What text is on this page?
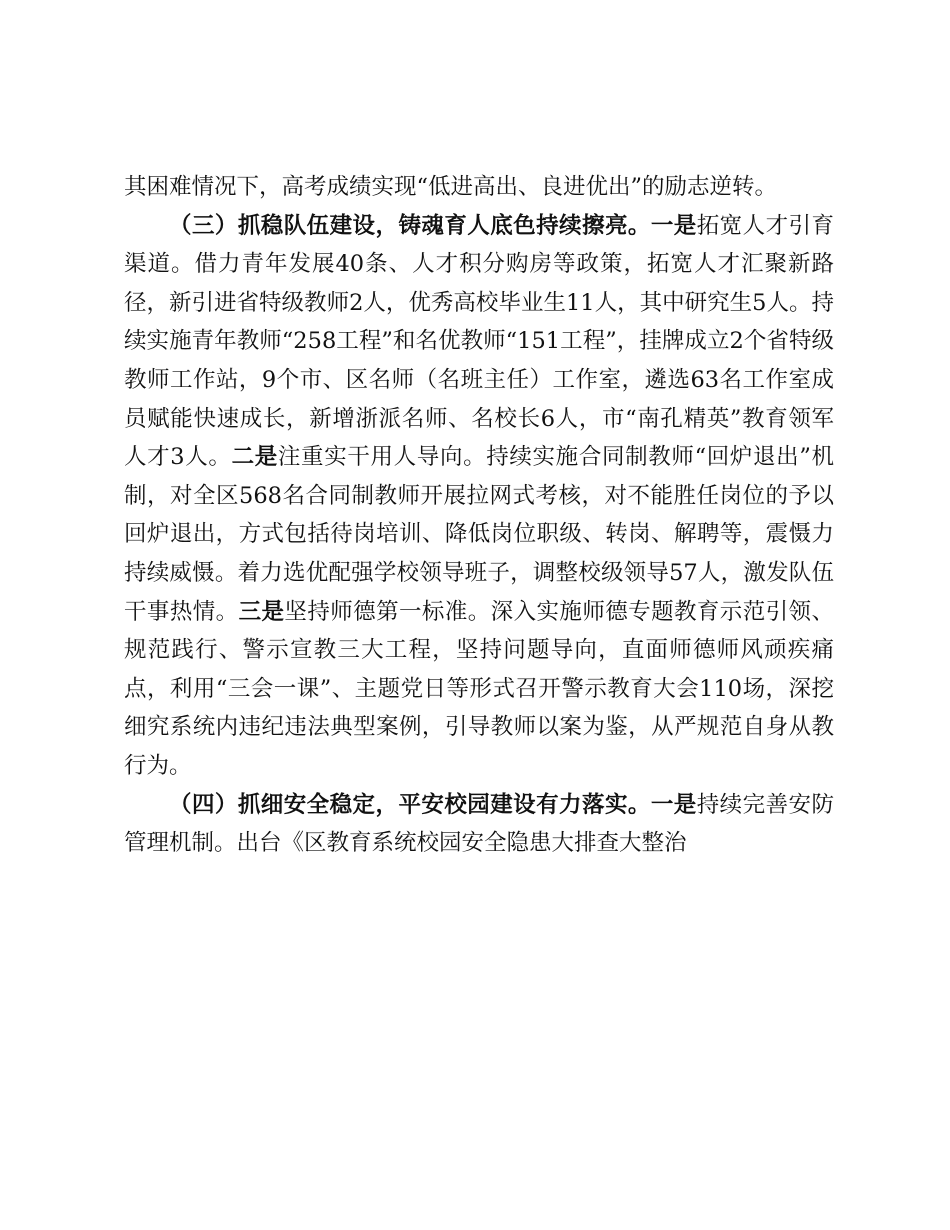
其困难情况下，高考成绩实现“低进高出、良进优出”的励志逆转。

（三）抓稳队伍建设，铸魂育人底色持续擦亮。一是拓宽人才引育渠道。借力青年发展40条、人才积分购房等政策，拓宽人才汇聚新路径，新引进省特级教师2人，优秀高校毕业生11人，其中研究生5人。持续实施青年教师“258工程”和名优教师“151工程”，挂牌成立2个省特级教师工作站，9个市、区名师（名班主任）工作室，遴选63名工作室成员赋能快速成长，新增浙派名师、名校长6人，市“南孔精英”教育领军人才3人。二是注重实干用人导向。持续实施合同制教师“回炉退出”机制，对全区568名合同制教师开展拉网式考核，对不能胜任岗位的予以回炉退出，方式包括待岗培训、降低岗位职级、转岗、解聘等，震慑力持续威慑。着力选优配强学校领导班子，调整校级领导57人，激发队伍干事热情。三是坚持师德第一标准。深入实施师德专题教育示范引领、规范践行、警示宣教三大工程，坚持问题导向，直面师德师风顽疾痛点，利用“三会一课”、主题党日等形式召开警示教育大会110场，深挖细究系统内违纪违法典型案例，引导教师以案为鉴，从严规范自身从教行为。

（四）抓细安全稳定，平安校园建设有力落实。一是持续完善安防管理机制。出台《区教育系统校园安全隐患大排查大整治
